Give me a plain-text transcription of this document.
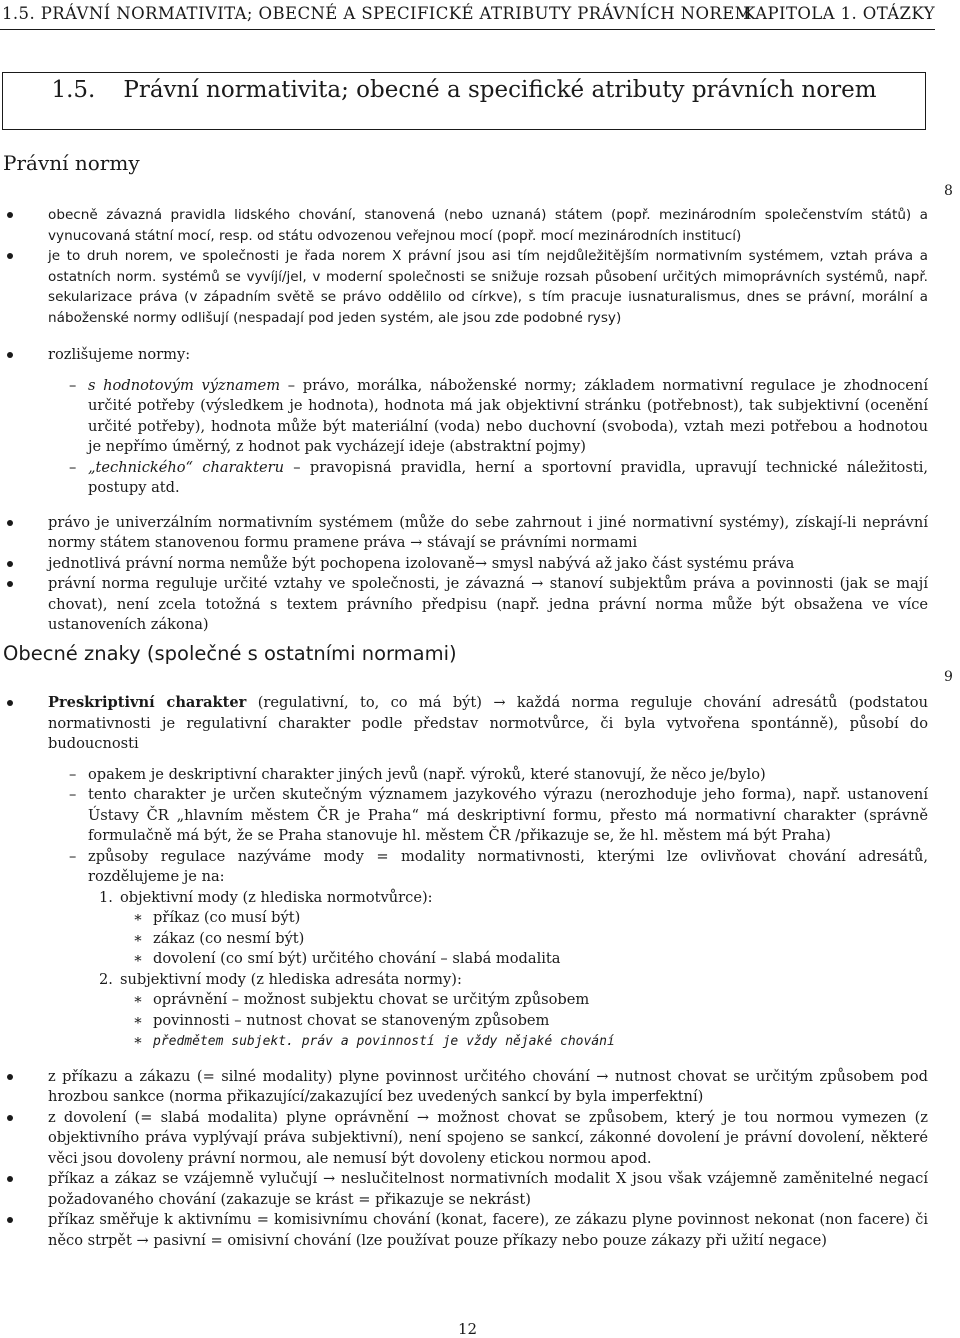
1.5. PRÁVNÍ NORMATIVITA; OBECNÉ A SPECIFICKÉ ATRIBUTY PRÁVNÍCH NOREM
KAPITOLA 1. OTÁZKY
1.5. Právní normativita; obecné a specifické atributy právních norem
Právní normy
8
9
obecně závazná pravidla lidského chování, stanovená (nebo uznaná) státem (popř. mezinárodním společenstvím států) a vynucovaná státní mocí, resp. od státu odvozenou veřejnou mocí (popř. mocí mezinárodních institucí)
je to druh norem, ve společnosti je řada norem X právní jsou asi tím nejdůležitějším normativním systémem, vztah práva a ostatních norm. systémů se vyvíjí/jel, v moderní společnosti se snižuje rozsah působení určitých mimoprávních systémů, např. sekularizace práva (v západním světě se právo oddělilo od církve), s tím pracuje iusnaturalismus, dnes se právní, morální a náboženské normy odlišují (nespadají pod jeden systém, ale jsou zde podobné rysy)
rozlišujeme normy:
– s hodnotovým významem – právo, morálka, náboženské normy; základem normativní regulace je zhodnocení určité potřeby (výsledkem je hodnota), hodnota má jak objektivní stránku (potřebnost), tak subjektivní (ocenění určité potřeby), hodnota může být materiální (voda) nebo duchovní (svoboda), vztah mezi potřebou a hodnotou je nepřímo úměrný, z hodnot pak vycházejí ideje (abstraktní pojmy)
– „technického“ charakteru – pravopisná pravidla, herní a sportovní pravidla, upravují technické náležitosti, postupy atd.
právo je univerzálním normativním systémem (může do sebe zahrnout i jiné normativní systémy), získají-li neprávní normy státem stanovenou formu pramene práva → stávají se právními normami
jednotlivá právní norma nemůže být pochopena izolovaně→ smysl nabývá až jako část systému práva
právní norma reguluje určité vztahy ve společnosti, je závazná → stanoví subjektům práva a povinnosti (jak se mají chovat), není zcela totožná s textem právního předpisu (např. jedna právní norma může být obsažena ve více ustanoveních zákona)
Obecné znaky (společné s ostatními normami)
Preskriptivní charakter (regulativní, to, co má být) → každá norma reguluje chování adresátů (podstatou normativnosti je regulativní charakter podle představ normotvůrce, či byla vytvořena spontánně), působí do budoucnosti
– opakem je deskriptivní charakter jiných jevů (např. výroků, které stanovují, že něco je/bylo)
– tento charakter je určen skutečným významem jazykového výrazu (nerozhoduje jeho forma), např. ustanovení Ústavy ČR „hlavním městem ČR je Praha“ má deskriptivní formu, přesto má normativní charakter (správně formulačně má být, že se Praha stanovuje hl. městem ČR /přikazuje se, že hl. městem má být Praha)
– způsoby regulace nazýváme mody = modality normativnosti, kterými lze ovlivňovat chování adresátů, rozdělujeme je na:
1. objektivní mody (z hlediska normotvůrce):
∗ příkaz (co musí být)
∗ zákaz (co nesmí být)
∗ dovolení (co smí být) určitého chování – slabá modalita
2. subjektivní mody (z hlediska adresáta normy):
∗ oprávnění – možnost subjektu chovat se určitým způsobem
∗ povinnosti – nutnost chovat se stanoveným způsobem
∗ předmětem subjekt. práv a povinností je vždy nějaké chování
z příkazu a zákazu (= silné modality) plyne povinnost určitého chování → nutnost chovat se určitým způsobem pod hrozbou sankce (norma přikazující/zakazující bez uvedených sankcí by byla imperfektní)
z dovolení (= slabá modalita) plyne oprávnění → možnost chovat se způsobem, který je tou normou vymezen (z objektivního práva vyplývají práva subjektivní), není spojeno se sankcí, zákonné dovolení je právní dovolení, některé věci jsou dovoleny právní normou, ale nemusí být dovoleny etickou normou apod.
příkaz a zákaz se vzájemně vylučují → neslučitelnost normativních modalit X jsou však vzájemně zaměnitelné negací požadovaného chování (zakazuje se krást = přikazuje se nekrást)
příkaz směřuje k aktivnímu = komisivnímu chování (konat, facere), ze zákazu plyne povinnost nekonat (non facere) či něco strpět → pasivní = omisivní chování (lze používat pouze příkazy nebo pouze zákazy při užití negace)
12
